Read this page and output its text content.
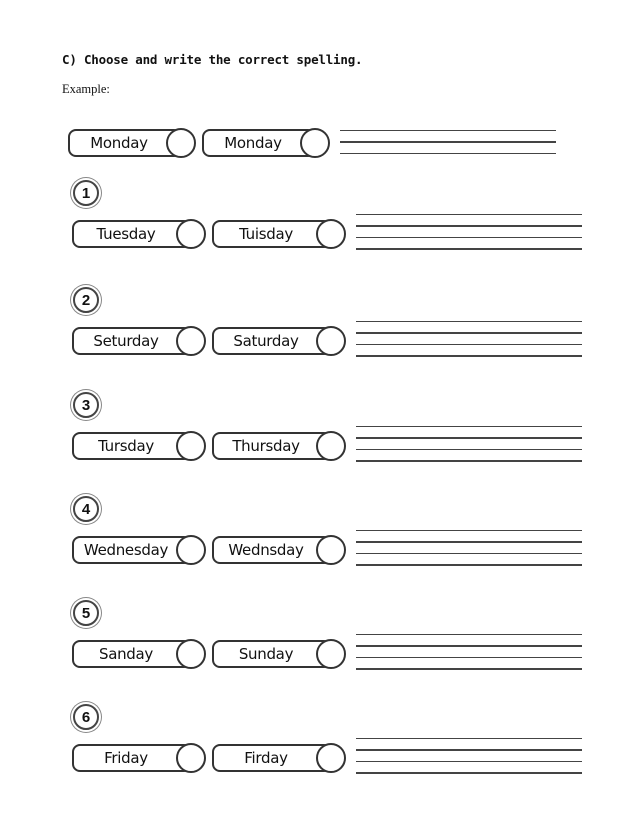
C) Choose and write the correct spelling.
Example:
Monday	Monday
1
Tuesday	Tuisday
2
Seturday	Saturday
3
Tursday	Thursday
4
Wednesday	Wednsday
5
Sanday	Sunday
6
Friday	Firday
